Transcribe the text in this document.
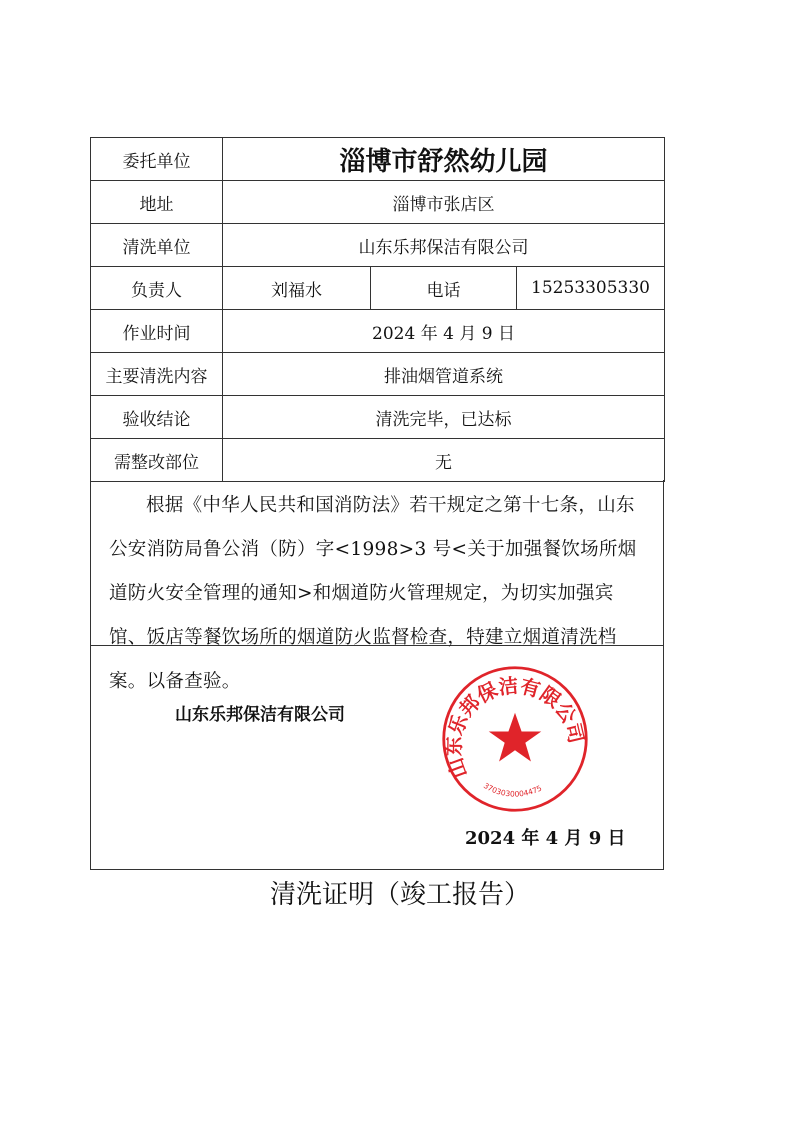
委托单位	淄博市舒然幼儿园		
地址	淄博市张店区		
清洗单位	山东乐邦保洁有限公司		
负责人	刘福水	电话	15253305330
作业时间	2024 年 4 月 9 日		
主要清洗内容	排油烟管道系统		
验收结论	清洗完毕，已达标		
需整改部位	无		
根据《中华人民共和国消防法》若干规定之第十七条，山东公安消防局鲁公消（防）字<1998>3 号<关于加强餐饮场所烟道防火安全管理的通知>和烟道防火管理规定，为切实加强宾馆、饭店等餐饮场所的烟道防火监督检查，特建立烟道清洗档案。以备查验。
山东乐邦保洁有限公司
2024 年 4 月 9 日
山东乐邦保洁有限公司
3703030004475
清洗证明（竣工报告）
